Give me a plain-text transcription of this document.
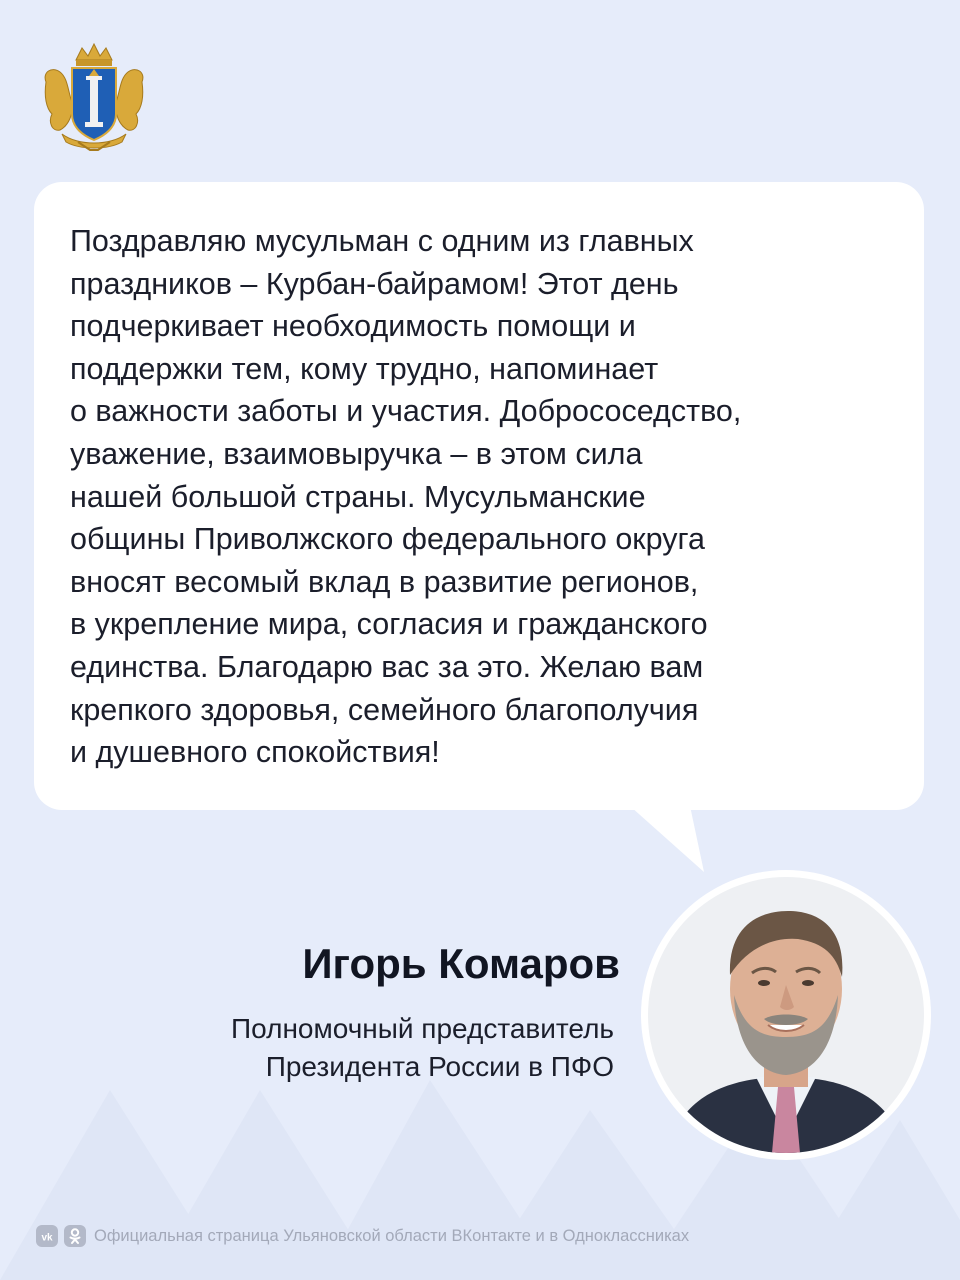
Поздравляю мусульман с одним из главных
праздников – Курбан-байрамом! Этот день
подчеркивает необходимость помощи и
поддержки тем, кому трудно, напоминает
о важности заботы и участия. Добрососедство,
уважение, взаимовыручка – в этом сила
нашей большой страны. Мусульманские
общины Приволжского федерального округа
вносят весомый вклад в развитие регионов,
в укрепление мира, согласия и гражданского
единства. Благодарю вас за это. Желаю вам
крепкого здоровья, семейного благополучия
и душевного спокойствия!

Игорь Комаров

Полномочный представитель
Президента России в ПФО

vk	Официальная страница Ульяновской области ВКонтакте и в Одноклассниках
